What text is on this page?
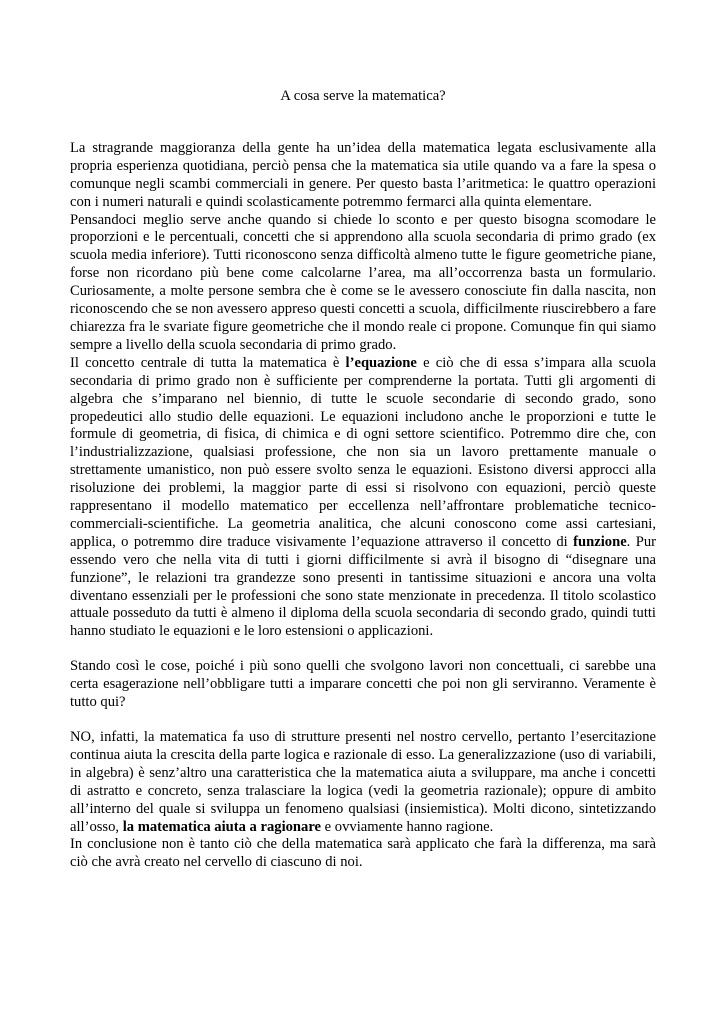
A cosa serve la matematica?

La stragrande maggioranza della gente ha un’idea della matematica legata esclusivamente alla propria esperienza quotidiana, perciò pensa che la matematica sia utile quando va a fare la spesa o comunque negli scambi commerciali in genere. Per questo basta l’aritmetica: le quattro operazioni con i numeri naturali e quindi scolasticamente potremmo fermarci alla quinta elementare.

Pensandoci meglio serve anche quando si chiede lo sconto e per questo bisogna scomodare le proporzioni e le percentuali, concetti che si apprendono alla scuola secondaria di primo grado (ex scuola media inferiore). Tutti riconoscono senza difficoltà almeno tutte le figure geometriche piane, forse non ricordano più bene come calcolarne l’area, ma all’occorrenza basta un formulario. Curiosamente, a molte persone sembra che è come se le avessero conosciute fin dalla nascita, non riconoscendo che se non avessero appreso questi concetti a scuola, difficilmente riuscirebbero a fare chiarezza fra le svariate figure geometriche che il mondo reale ci propone. Comunque fin qui siamo sempre a livello della scuola secondaria di primo grado.

Il concetto centrale di tutta la matematica è l’equazione e ciò che di essa s’impara alla scuola secondaria di primo grado non è sufficiente per comprenderne la portata. Tutti gli argomenti di algebra che s’imparano nel biennio, di tutte le scuole secondarie di secondo grado, sono propedeutici allo studio delle equazioni. Le equazioni includono anche le proporzioni e tutte le formule di geometria, di fisica, di chimica e di ogni settore scientifico. Potremmo dire che, con l’industrializzazione, qualsiasi professione, che non sia un lavoro prettamente manuale o strettamente umanistico, non può essere svolto senza le equazioni. Esistono diversi approcci alla risoluzione dei problemi, la maggior parte di essi si risolvono con equazioni, perciò queste rappresentano il modello matematico per eccellenza nell’affrontare problematiche tecnico-commerciali-scientifiche. La geometria analitica, che alcuni conoscono come assi cartesiani, applica, o potremmo dire traduce visivamente l’equazione attraverso il concetto di funzione. Pur essendo vero che nella vita di tutti i giorni difficilmente si avrà il bisogno di “disegnare una funzione”, le relazioni tra grandezze sono presenti in tantissime situazioni e ancora una volta diventano essenziali per le professioni che sono state menzionate in precedenza. Il titolo scolastico attuale posseduto da tutti è almeno il diploma della scuola secondaria di secondo grado, quindi tutti hanno studiato le equazioni e le loro estensioni o applicazioni.

Stando così le cose, poiché i più sono quelli che svolgono lavori non concettuali, ci sarebbe una certa esagerazione nell’obbligare tutti a imparare concetti che poi non gli serviranno. Veramente è tutto qui?

NO, infatti, la matematica fa uso di strutture presenti nel nostro cervello, pertanto l’esercitazione continua aiuta la crescita della parte logica e razionale di esso. La generalizzazione (uso di variabili, in algebra) è senz’altro una caratteristica che la matematica aiuta a sviluppare, ma anche i concetti di astratto e concreto, senza tralasciare la logica (vedi la geometria razionale); oppure di ambito all’interno del quale si sviluppa un fenomeno qualsiasi (insiemistica). Molti dicono, sintetizzando all’osso, la matematica aiuta a ragionare e ovviamente hanno ragione.

In conclusione non è tanto ciò che della matematica sarà applicato che farà la differenza, ma sarà ciò che avrà creato nel cervello di ciascuno di noi.
